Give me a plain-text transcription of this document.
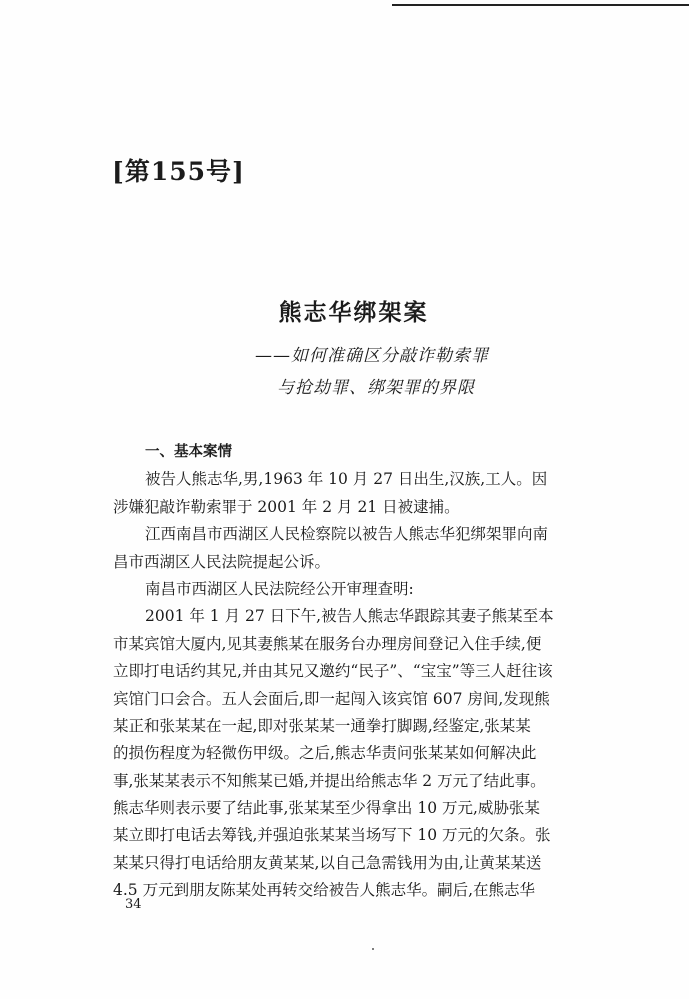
[第155号]
熊志华绑架案
——如何准确区分敲诈勒索罪
与抢劫罪、绑架罪的界限
一、基本案情
被告人熊志华,男,1963 年 10 月 27 日出生,汉族,工人。因
涉嫌犯敲诈勒索罪于 2001 年 2 月 21 日被逮捕。
江西南昌市西湖区人民检察院以被告人熊志华犯绑架罪向南
昌市西湖区人民法院提起公诉。
南昌市西湖区人民法院经公开审理查明:
2001 年 1 月 27 日下午,被告人熊志华跟踪其妻子熊某至本
市某宾馆大厦内,见其妻熊某在服务台办理房间登记入住手续,便
立即打电话约其兄,并由其兄又邀约“民子”、“宝宝”等三人赶往该
宾馆门口会合。五人会面后,即一起闯入该宾馆 607 房间,发现熊
某正和张某某在一起,即对张某某一通拳打脚踢,经鉴定,张某某
的损伤程度为轻微伤甲级。之后,熊志华责问张某某如何解决此
事,张某某表示不知熊某已婚,并提出给熊志华 2 万元了结此事。
熊志华则表示要了结此事,张某某至少得拿出 10 万元,威胁张某
某立即打电话去筹钱,并强迫张某某当场写下 10 万元的欠条。张
某某只得打电话给朋友黄某某,以自己急需钱用为由,让黄某某送
4.5 万元到朋友陈某处再转交给被告人熊志华。嗣后,在熊志华
34
